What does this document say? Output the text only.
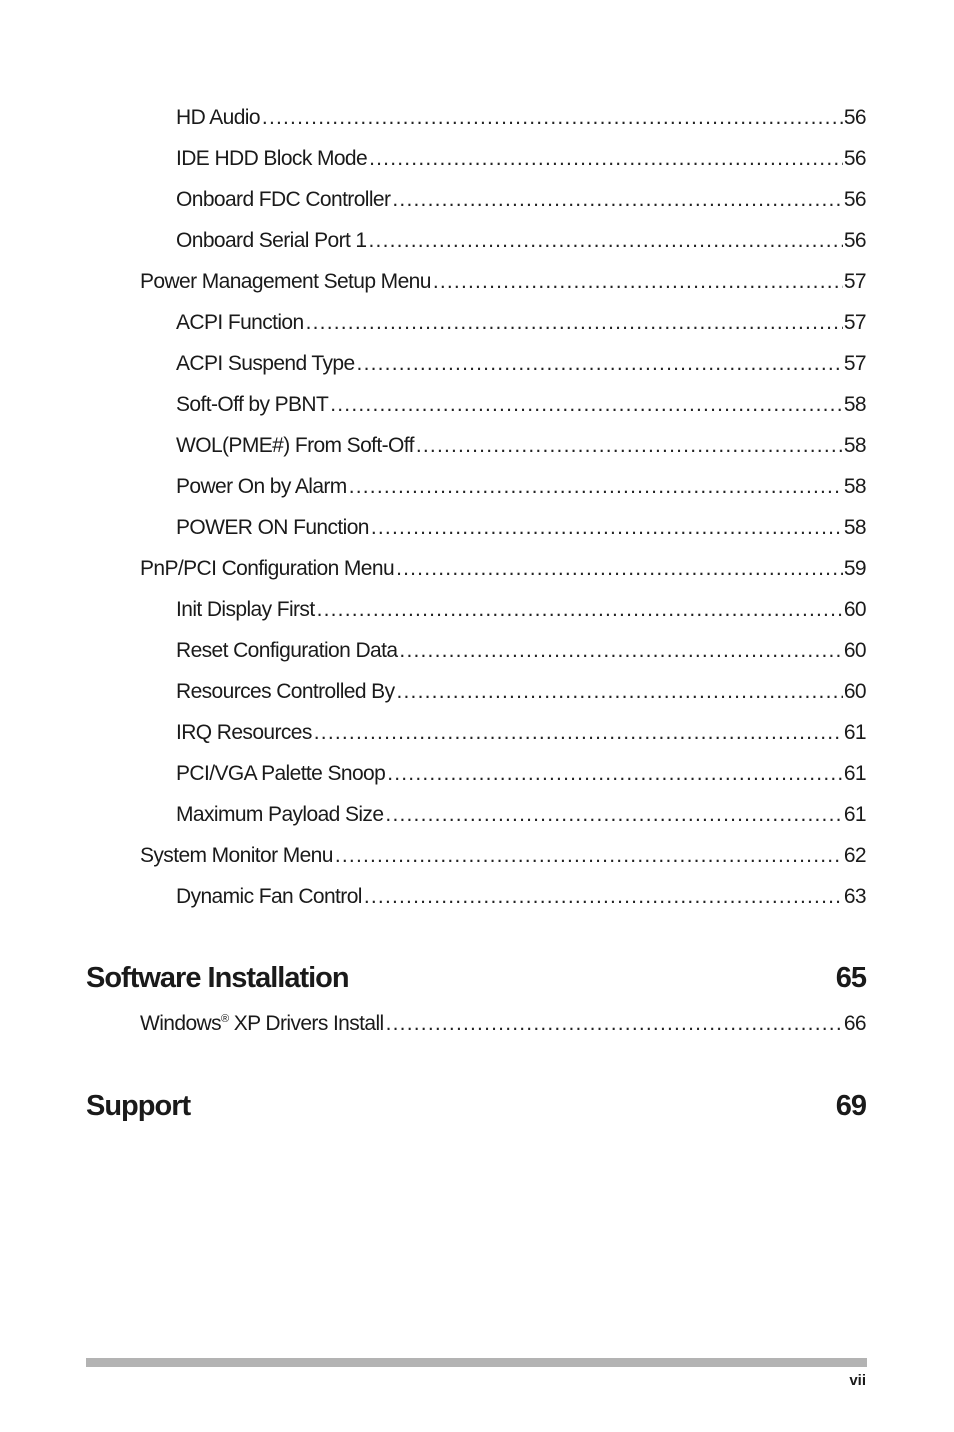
HD Audio .....	56
IDE HDD Block Mode .....	56
Onboard FDC Controller .....	56
Onboard Serial Port 1 .....	56
Power Management Setup Menu .....	57
ACPI Function .....	57
ACPI Suspend Type .....	57
Soft-Off by PBNT .....	58
WOL(PME#) From Soft-Off .....	58
Power On by Alarm .....	58
POWER ON Function .....	58
PnP/PCI Configuration Menu .....	59
Init Display First .....	60
Reset Configuration Data .....	60
Resources Controlled By .....	60
IRQ Resources .....	61
PCI/VGA Palette Snoop .....	61
Maximum Payload Size .....	61
System Monitor Menu .....	62
Dynamic Fan Control .....	63
Software Installation	65
Windows® XP Drivers Install .....	66
Support	69
vii
